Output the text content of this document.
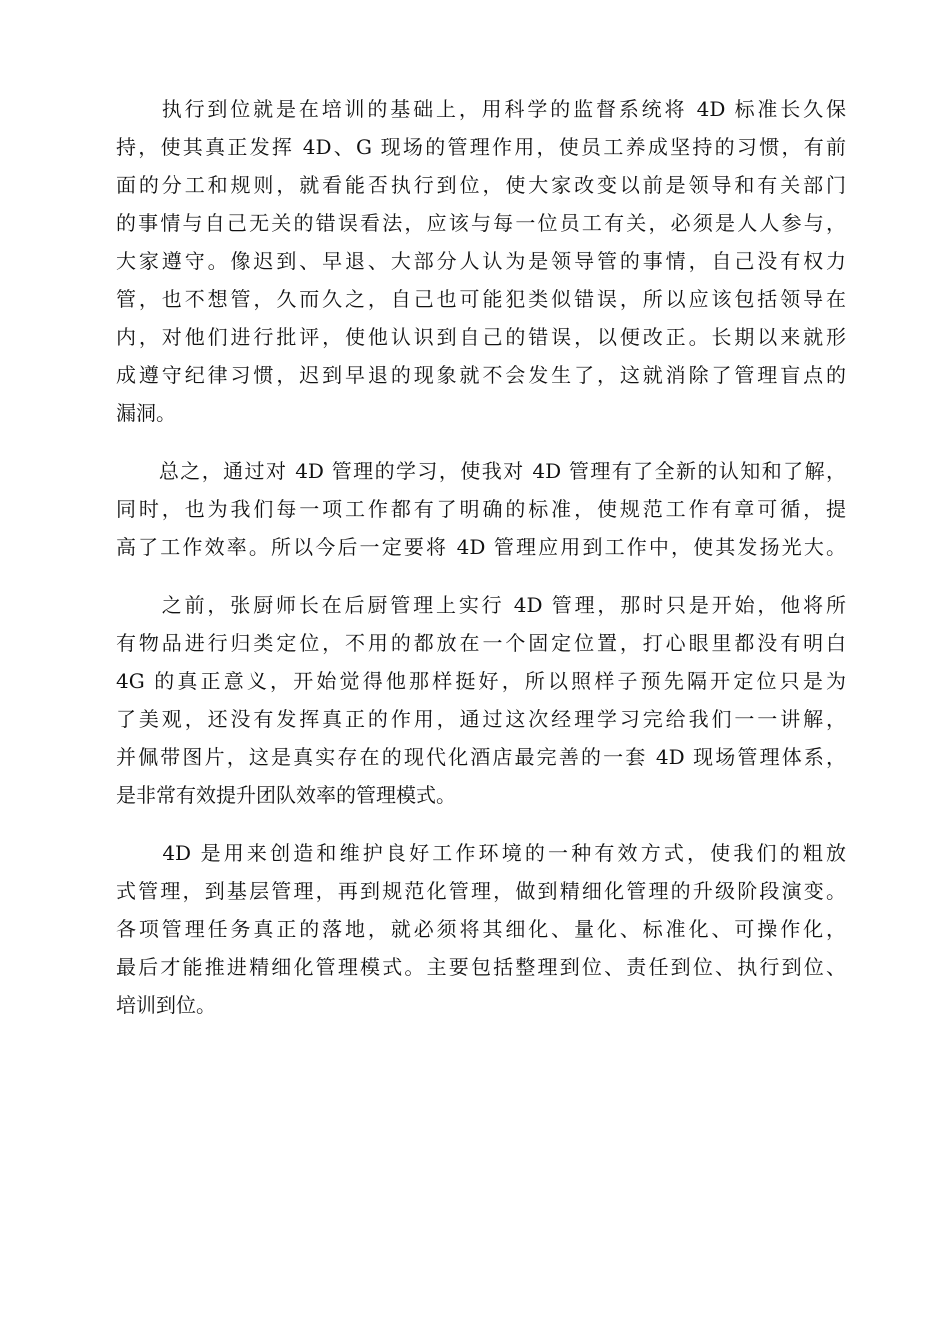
　　执行到位就是在培训的基础上，用科学的监督系统将 4D 标准长久保
持，使其真正发挥 4D、G 现场的管理作用，使员工养成坚持的习惯，有前
面的分工和规则，就看能否执行到位，使大家改变以前是领导和有关部门
的事情与自己无关的错误看法，应该与每一位员工有关，必须是人人参与，
大家遵守。像迟到、早退、大部分人认为是领导管的事情，自己没有权力
管，也不想管，久而久之，自己也可能犯类似错误，所以应该包括领导在
内，对他们进行批评，使他认识到自己的错误，以便改正。长期以来就形
成遵守纪律习惯，迟到早退的现象就不会发生了，这就消除了管理盲点的
漏洞。

　　总之，通过对 4D 管理的学习，使我对 4D 管理有了全新的认知和了解，
同时，也为我们每一项工作都有了明确的标准，使规范工作有章可循，提
高了工作效率。所以今后一定要将 4D 管理应用到工作中，使其发扬光大。

　　之前，张厨师长在后厨管理上实行 4D 管理，那时只是开始，他将所
有物品进行归类定位，不用的都放在一个固定位置，打心眼里都没有明白
4G 的真正意义，开始觉得他那样挺好，所以照样子预先隔开定位只是为
了美观，还没有发挥真正的作用，通过这次经理学习完给我们一一讲解，
并佩带图片，这是真实存在的现代化酒店最完善的一套 4D 现场管理体系，
是非常有效提升团队效率的管理模式。

　　4D 是用来创造和维护良好工作环境的一种有效方式，使我们的粗放
式管理，到基层管理，再到规范化管理，做到精细化管理的升级阶段演变。
各项管理任务真正的落地，就必须将其细化、量化、标准化、可操作化，
最后才能推进精细化管理模式。主要包括整理到位、责任到位、执行到位、
培训到位。
